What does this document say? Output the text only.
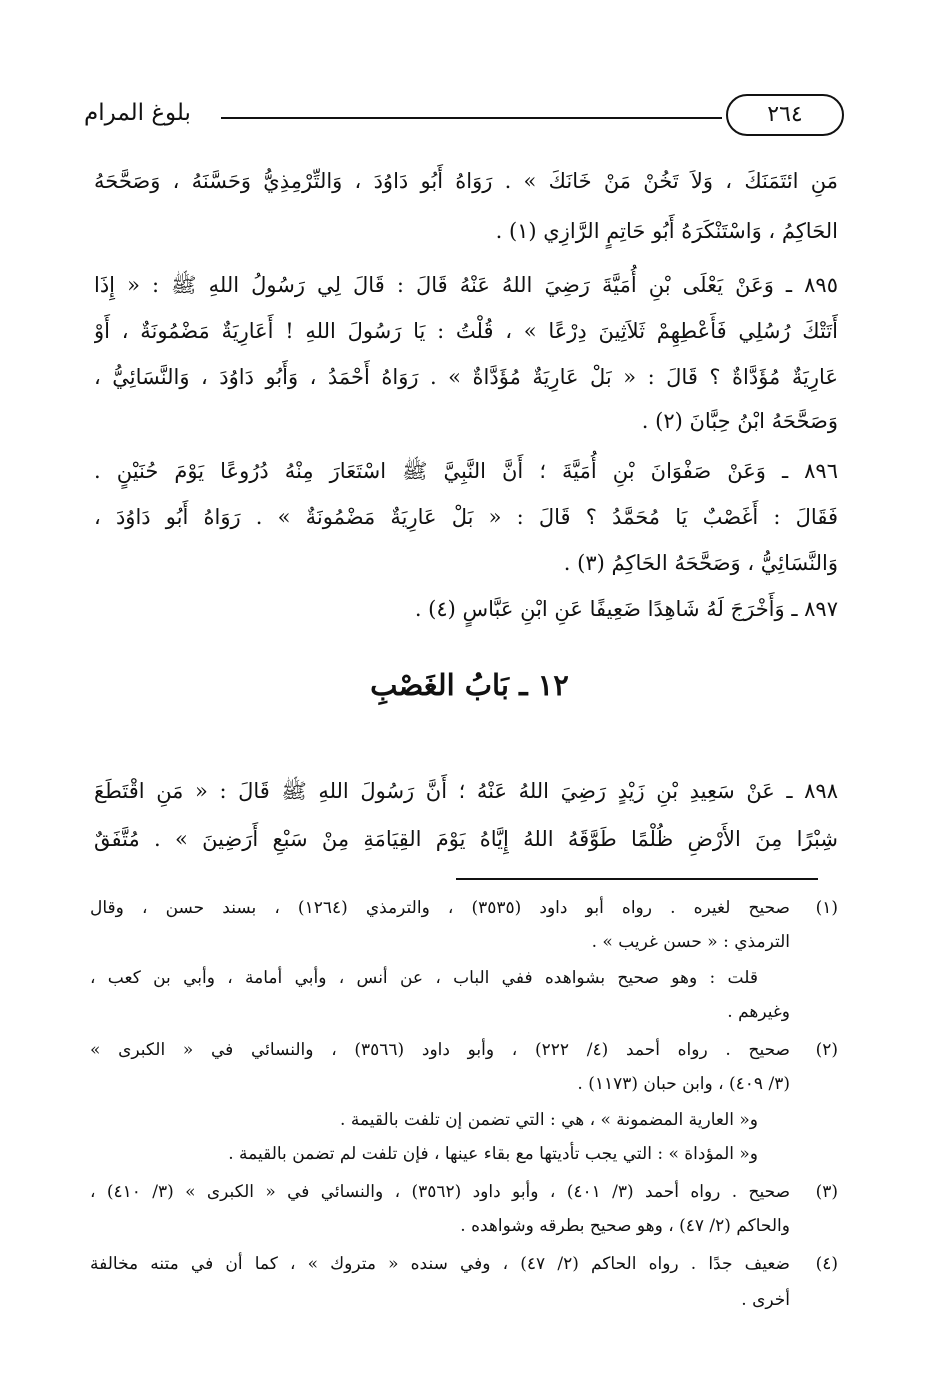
بلوغ المرام	٢٦٤
مَنِ ائتَمَنَكَ ، وَلاَ تَخُنْ مَنْ خَانَكَ » . رَوَاهُ أَبُو دَاوُدَ ، وَالتِّرْمِذِيُّ وَحَسَّنَهُ ، وَصَحَّحَهُ
الحَاكِمُ ، وَاسْتَنْكَرَهُ أَبُو حَاتِمٍ الرَّازِي (١) .
٨٩٥ ـ وَعَنْ يَعْلَى بْنِ أُمَيَّةَ رَضِيَ اللهُ عَنْهُ قَالَ : قَالَ لِي رَسُولُ اللهِ ﷺ : « إِذَا
أَتَتْكَ رُسُلِي فَأَعْطِهِمْ ثَلاَثِينَ دِرْعًا » ، قُلْتُ : يَا رَسُولَ اللهِ ! أَعَارِيَةٌ مَضْمُونَةٌ ، أَوْ
عَارِيَةٌ مُؤَدَّاةٌ ؟ قَالَ : « بَلْ عَارِيَةٌ مُؤَدَّاةٌ » . رَوَاهُ أَحْمَدُ ، وَأَبُو دَاوُدَ ، وَالنَّسَائِيُّ ،
وَصَحَّحَهُ ابْنُ حِبَّانَ (٢) .
٨٩٦ ـ وَعَنْ صَفْوَانَ بْنِ أُمَيَّةَ ؛ أَنَّ النَّبِيَّ ﷺ اسْتَعَارَ مِنْهُ دُرُوعًا يَوْمَ حُنَيْنٍ .
فَقَالَ : أَغَصْبٌ يَا مُحَمَّدُ ؟ قَالَ : « بَلْ عَارِيَةٌ مَضْمُونَةٌ » . رَوَاهُ أَبُو دَاوُدَ ،
وَالنَّسَائِيُّ ، وَصَحَّحَهُ الحَاكِمُ (٣) .
٨٩٧ ـ وَأَخْرَجَ لَهُ شَاهِدًا ضَعِيفًا عَنِ ابْنِ عَبَّاسٍ (٤) .
١٢ ـ بَابُ الغَصْبِ
٨٩٨ ـ عَنْ سَعِيدِ بْنِ زَيْدٍ رَضِيَ اللهُ عَنْهُ ؛ أَنَّ رَسُولَ اللهِ ﷺ قَالَ : « مَنِ اقْتَطَعَ
شِبْرًا مِنَ الأَرْضِ ظُلْمًا طَوَّقَهُ اللهُ إِيَّاهُ يَوْمَ القِيَامَةِ مِنْ سَبْعِ أَرَضِينَ » . مُتَّفَقٌ
(١)
صحيح لغيره . رواه أبو داود (٣٥٣٥) ، والترمذي (١٢٦٤) ، بسند حسن ، وقال
الترمذي : « حسن غريب » .
قلت : وهو صحيح بشواهده ففي الباب ، عن أنس ، وأبي أمامة ، وأبي بن كعب ،
وغيرهم .
(٢)
صحيح . رواه أحمد (٤/ ٢٢٢) ، وأبو داود (٣٥٦٦) ، والنسائي في « الكبرى »
(٣/ ٤٠٩) ، وابن حبان (١١٧٣) .
و« العارية المضمونة » ، هي : التي تضمن إن تلفت بالقيمة .
و« المؤداة » : التي يجب تأديتها مع بقاء عينها ، فإن تلفت لم تضمن بالقيمة .
(٣)
صحيح . رواه أحمد (٣/ ٤٠١) ، وأبو داود (٣٥٦٢) ، والنسائي في « الكبرى » (٣/ ٤١٠) ،
والحاكم (٢/ ٤٧) ، وهو صحيح بطرقه وشواهده .
(٤)
ضعيف جدًا . رواه الحاكم (٢/ ٤٧) ، وفي سنده « متروك » ، كما أن في متنه مخالفة
أخرى .
